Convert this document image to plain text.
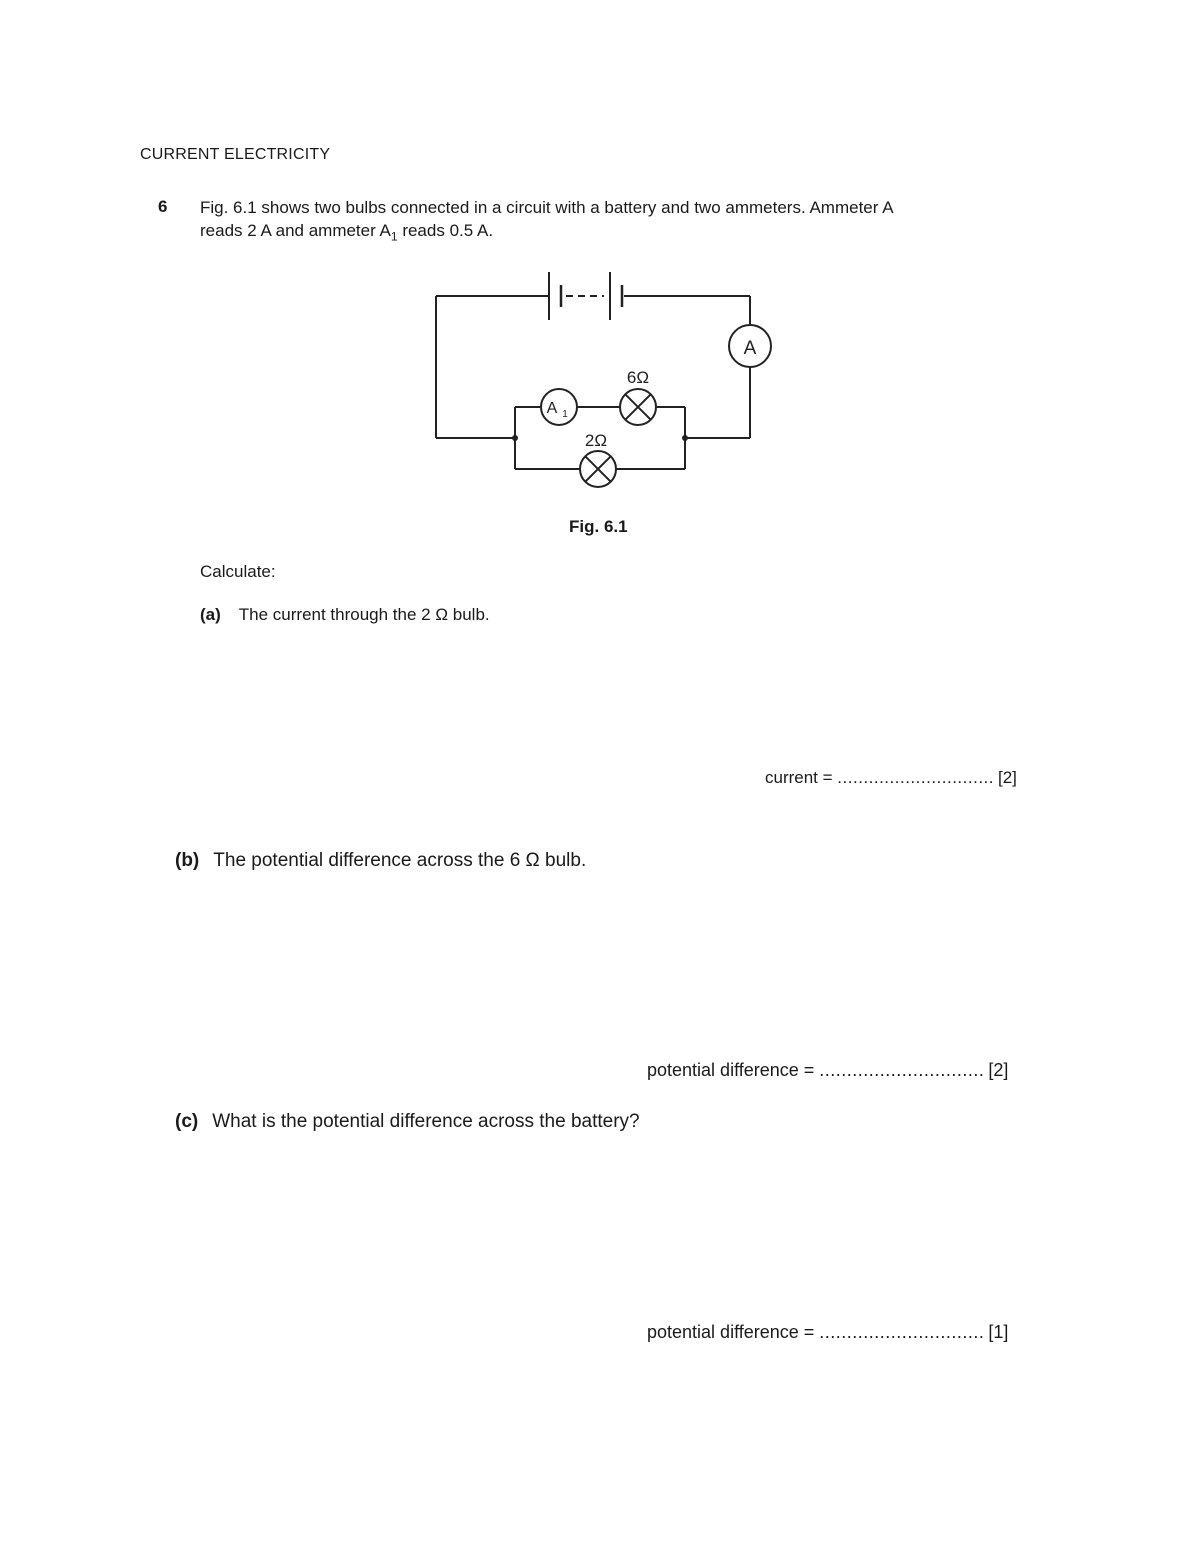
CURRENT ELECTRICITY
6 Fig. 6.1 shows two bulbs connected in a circuit with a battery and two ammeters. Ammeter A
reads 2 A and ammeter $A_1$ reads 0.5 A.
A
A 1
6Ω
2Ω
Fig. 6.1
Calculate:
(a) The current through the 2 Ω bulb.
current = .............................. [2]
(b) The potential difference across the 6 Ω bulb.
potential difference = .............................. [2]
(c) What is the potential difference across the battery?
potential difference = .............................. [1]
